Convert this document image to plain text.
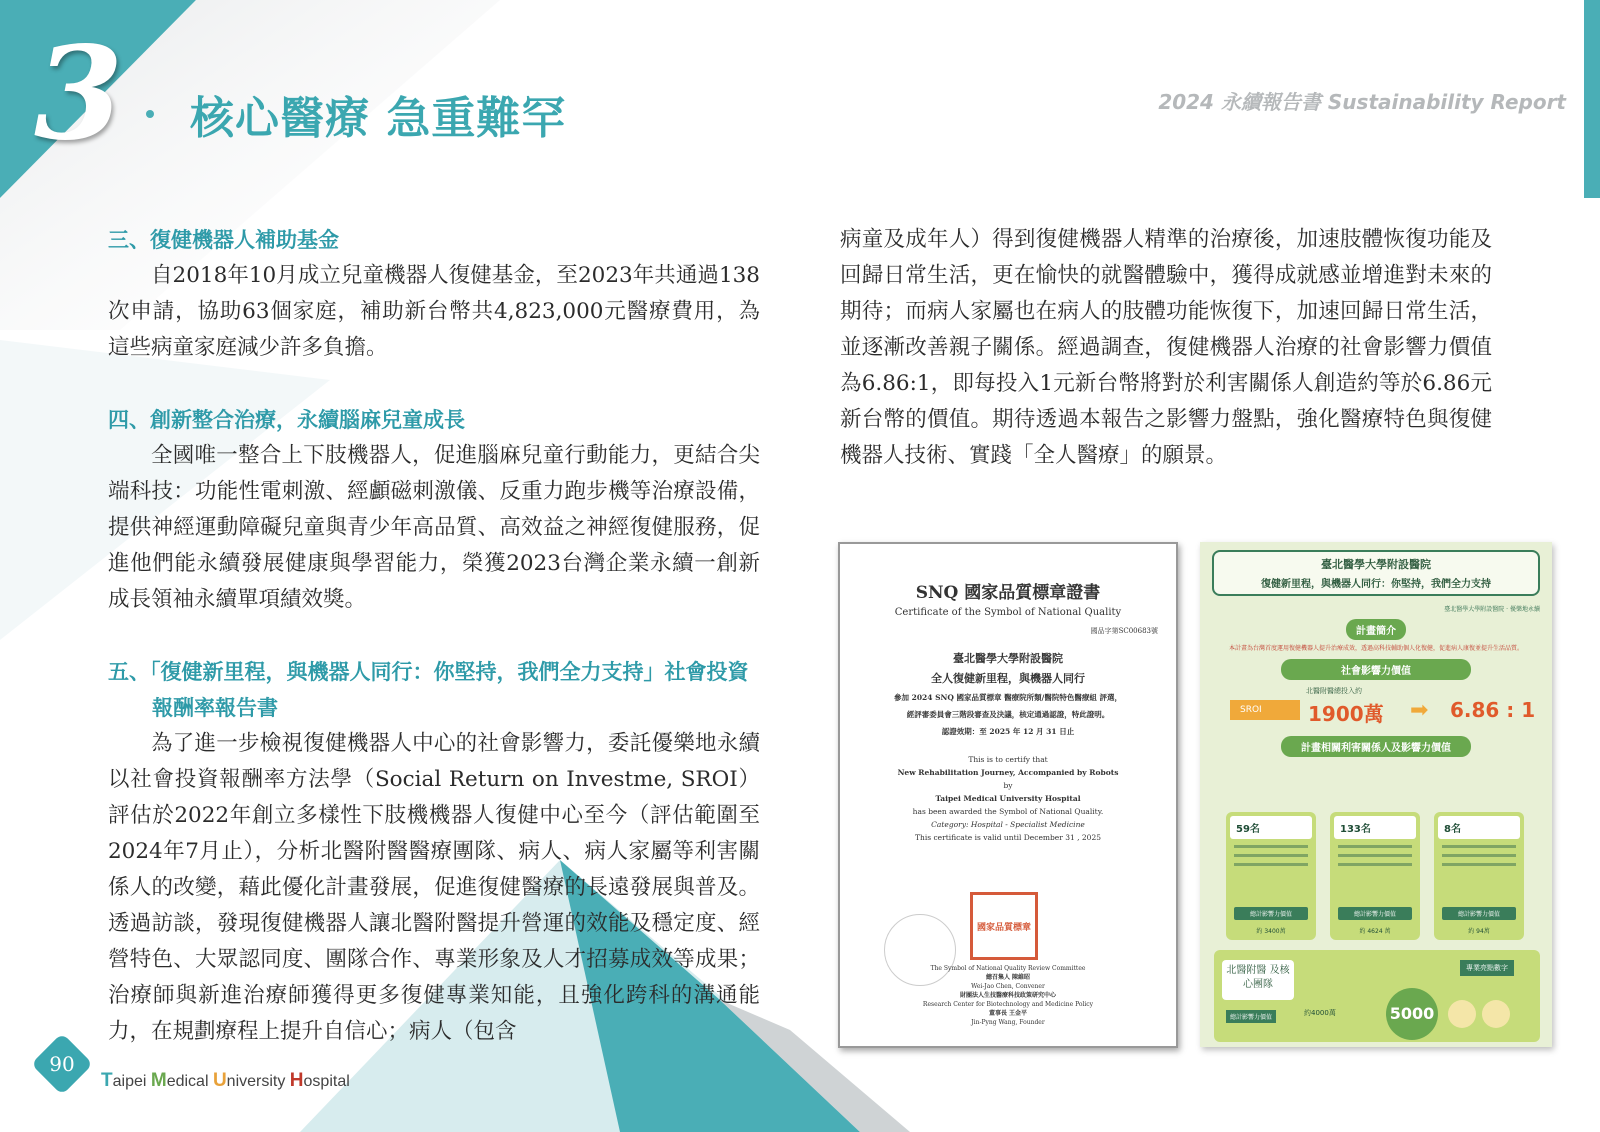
3 核心醫療 急重難罕	2024 永續報告書 Sustainability Report
三、復健機器人補助基金

自2018年10月成立兒童機器人復健基金，至2023年共通過138次申請，協助63個家庭，補助新台幣共4,823,000元醫療費用，為這些病童家庭減少許多負擔。

四、創新整合治療，永續腦麻兒童成長

全國唯一整合上下肢機器人，促進腦麻兒童行動能力，更結合尖端科技：功能性電刺激、經顱磁刺激儀、反重力跑步機等治療設備，提供神經運動障礙兒童與青少年高品質、高效益之神經復健服務，促進他們能永續發展健康與學習能力，榮獲2023台灣企業永續一創新成長領袖永續單項績效獎。

五、「復健新里程，與機器人同行：你堅持，我們全力支持」社會投資報酬率報告書

為了進一步檢視復健機器人中心的社會影響力，委託優樂地永續以社會投資報酬率方法學（Social Return on Investme, SROI）評估於2022年創立多樣性下肢機機器人復健中心至今（評估範圍至2024年7月止），分析北醫附醫醫療團隊、病人、病人家屬等利害關係人的改變，藉此優化計畫發展，促進復健醫療的長遠發展與普及。透過訪談，發現復健機器人讓北醫附醫提升營運的效能及穩定度、經營特色、大眾認同度、團隊合作、專業形象及人才招募成效等成果；治療師與新進治療師獲得更多復健專業知能，且強化跨科的溝通能力，在規劃療程上提升自信心；病人（包含

病童及成年人）得到復健機器人精準的治療後，加速肢體恢復功能及回歸日常生活，更在愉快的就醫體驗中，獲得成就感並增進對未來的期待；而病人家屬也在病人的肢體功能恢復下，加速回歸日常生活，並逐漸改善親子關係。經過調查，復健機器人治療的社會影響力價值為6.86:1，即每投入1元新台幣將對於利害關係人創造約等於6.86元新台幣的價值。期待透過本報告之影響力盤點，強化醫療特色與復健機器人技術、實踐「全人醫療」的願景。

SNQ 國家品質標章證書
Certificate of the Symbol of National Quality
國品字第SC00683號
臺北醫學大學附設醫院
全人復健新里程，與機器人同行
參加 2024 SNQ 國家品質標章 醫療院所類/醫院特色醫療組 評選，
經評審委員會三階段審查及決議，核定通過認證，特此證明。
認證效期：至 2025 年 12 月 31 日止
This is to certify that
New Rehabilitation Journey, Accompanied by Robots
by
Taipei Medical University Hospital
has been awarded the Symbol of National Quality.
Category: Hospital - Specialist Medicine
This certificate is valid until December 31 , 2025
國家品質標章
The Symbol of National Quality Review Committee
總召集人 陳維昭
Wei-Jao Chen, Convener
財團法人生技醫療科技政策研究中心
Research Center for Biotechnology and Medicine Policy
董事長 王金平
Jin-Pyng Wang, Founder
臺北醫學大學附設醫院
復健新里程，與機器人同行：你堅持，我們全力支持
臺北醫學大學附設醫院 · 優樂地永續
計畫簡介
本計畫為台灣首度運用復健機器人提升治療成效，透過高科技輔助個人化復健，促進病人康復並提升生活品質。
社會影響力價值
SROI
北醫附醫總投入約
1900萬 ➡ 6.86 : 1
計畫相關利害關係人及影響力價值
59名
總計影響力價值
約 3400萬
133名
總計影響力價值
約 4624 萬
8名
總計影響力價值
約 94萬
北醫附醫 及核心團隊
專業亮點數字
5000
總計影響力價值
約4000萬
90
Taipei Medical University Hospital
